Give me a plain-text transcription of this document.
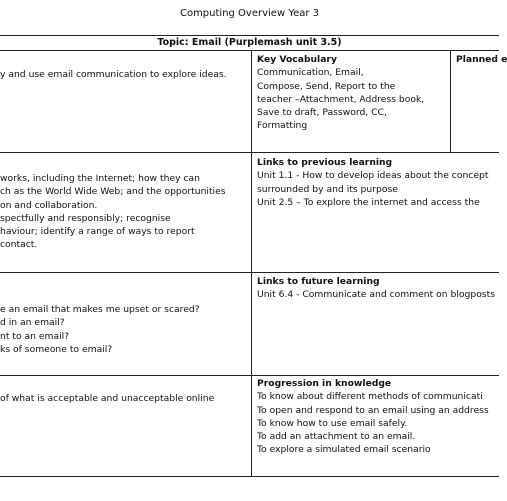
Computing Overview Year 3
Topic: Email (Purplemash unit 3.5)
y and use email communication to explore ideas.
Key Vocabulary
Communication, Email,
Compose, Send, Report to the
teacher –Attachment, Address book,
Save to draft, Password, CC,
Formatting
Planned e
works, including the Internet; how they can
ch as the World Wide Web; and the opportunities
on and collaboration.
spectfully and responsibly; recognise
haviour; identify a range of ways to report
contact.
Links to previous learning
Unit 1.1 - How to develop ideas about the concept
surrounded by and its purpose
Unit 2.5 – To explore the internet and access the
e an email that makes me upset or scared?
d in an email?
nt to an email?
ks of someone to email?
Links to future learning
Unit 6.4 - Communicate and comment on blogposts
of what is acceptable and unacceptable online
Progression in knowledge
To know about different methods of communicati
To open and respond to an email using an address
To know how to use email safely.
To add an attachment to an email.
To explore a simulated email scenario
